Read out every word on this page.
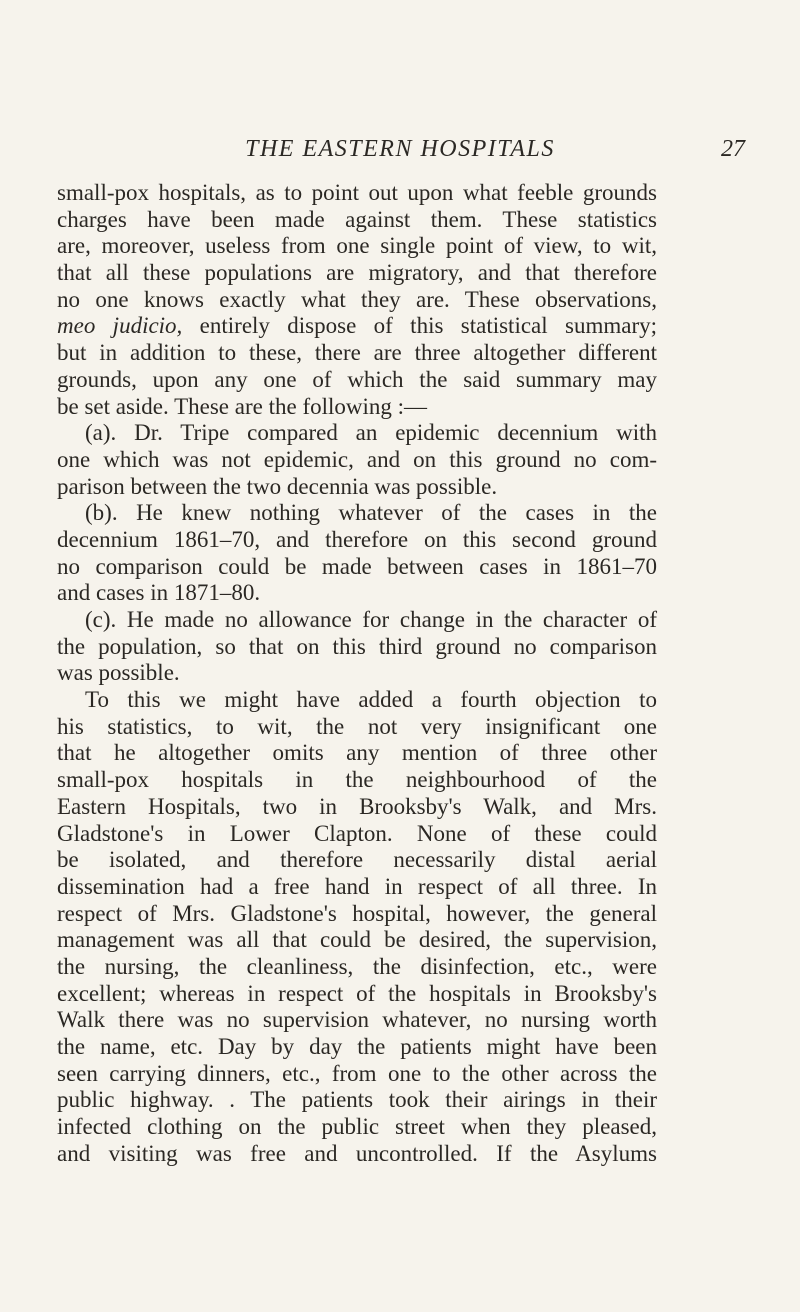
THE EASTERN HOSPITALS	27
small-pox hospitals, as to point out upon what feeble grounds
charges have been made against them. These statistics
are, moreover, useless from one single point of view, to wit,
that all these populations are migratory, and that therefore
no one knows exactly what they are. These observations,
meo judicio, entirely dispose of this statistical summary;
but in addition to these, there are three altogether different
grounds, upon any one of which the said summary may
be set aside. These are the following :—
(a). Dr. Tripe compared an epidemic decennium with
one which was not epidemic, and on this ground no com-
parison between the two decennia was possible.
(b). He knew nothing whatever of the cases in the
decennium 1861–70, and therefore on this second ground
no comparison could be made between cases in 1861–70
and cases in 1871–80.
(c). He made no allowance for change in the character of
the population, so that on this third ground no comparison
was possible.
To this we might have added a fourth objection to
his statistics, to wit, the not very insignificant one
that he altogether omits any mention of three other
small-pox hospitals in the neighbourhood of the
Eastern Hospitals, two in Brooksby's Walk, and Mrs.
Gladstone's in Lower Clapton. None of these could
be isolated, and therefore necessarily distal aerial
dissemination had a free hand in respect of all three. In
respect of Mrs. Gladstone's hospital, however, the general
management was all that could be desired, the supervision,
the nursing, the cleanliness, the disinfection, etc., were
excellent; whereas in respect of the hospitals in Brooksby's
Walk there was no supervision whatever, no nursing worth
the name, etc. Day by day the patients might have been
seen carrying dinners, etc., from one to the other across the
public highway. . The patients took their airings in their
infected clothing on the public street when they pleased,
and visiting was free and uncontrolled. If the Asylums
